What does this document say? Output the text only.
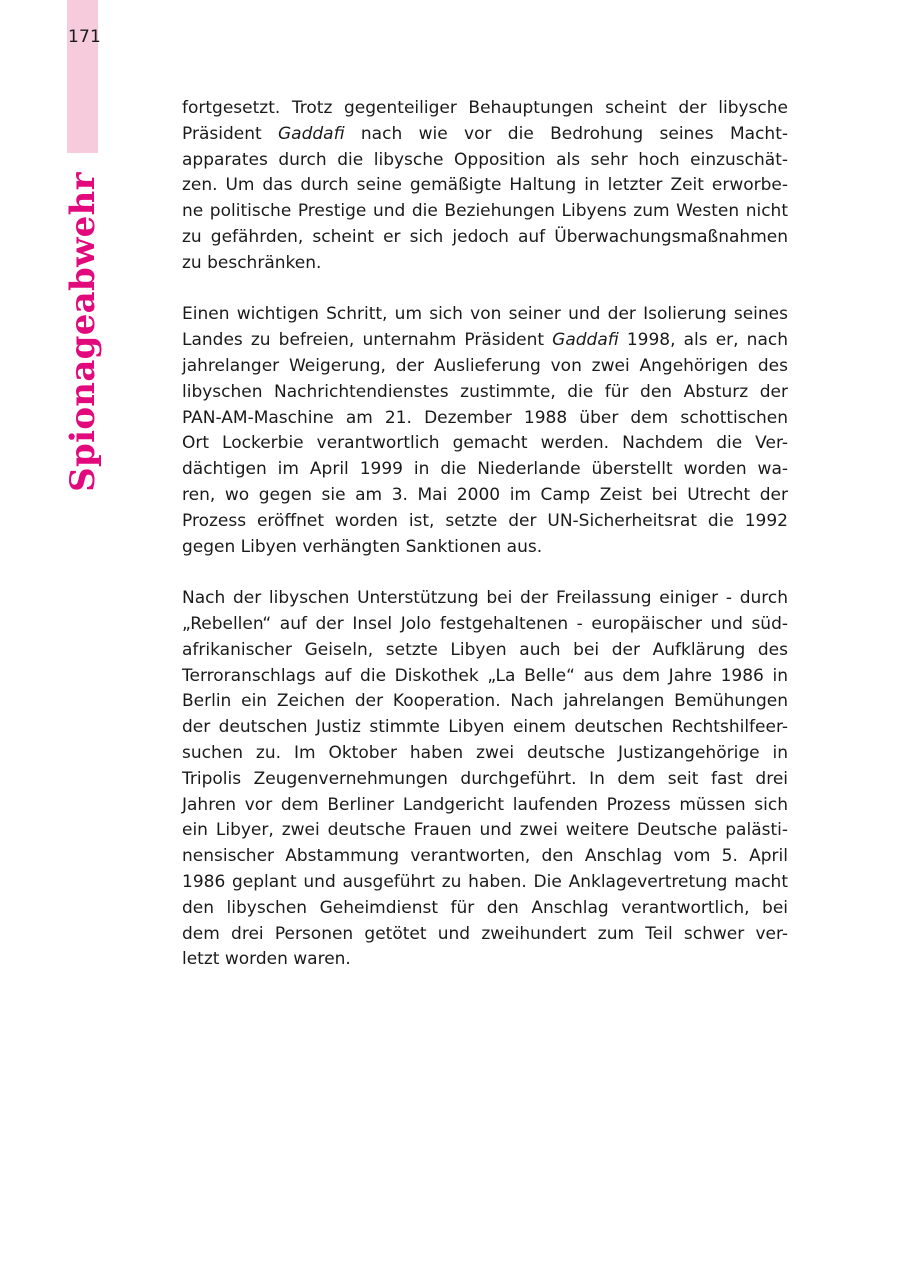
171
Spionageabwehr

fortgesetzt. Trotz gegenteiliger Behauptungen scheint der libysche

Präsident Gaddafi nach wie vor die Bedrohung seines Macht-

apparates durch die libysche Opposition als sehr hoch einzuschät-

zen. Um das durch seine gemäßigte Haltung in letzter Zeit erworbe-

ne politische Prestige und die Beziehungen Libyens zum Westen nicht

zu gefährden, scheint er sich jedoch auf Überwachungsmaßnahmen

zu beschränken.

Einen wichtigen Schritt, um sich von seiner und der Isolierung seines

Landes zu befreien, unternahm Präsident Gaddafi 1998, als er, nach

jahrelanger Weigerung, der Auslieferung von zwei Angehörigen des

libyschen Nachrichtendienstes zustimmte, die für den Absturz der

PAN-AM-Maschine am 21. Dezember 1988 über dem schottischen

Ort Lockerbie verantwortlich gemacht werden. Nachdem die Ver-

dächtigen im April 1999 in die Niederlande überstellt worden wa-

ren, wo gegen sie am 3. Mai 2000 im Camp Zeist bei Utrecht der

Prozess eröffnet worden ist, setzte der UN-Sicherheitsrat die 1992

gegen Libyen verhängten Sanktionen aus.

Nach der libyschen Unterstützung bei der Freilassung einiger - durch

„Rebellen“ auf der Insel Jolo festgehaltenen - europäischer und süd-

afrikanischer Geiseln, setzte Libyen auch bei der Aufklärung des

Terroranschlags auf die Diskothek „La Belle“ aus dem Jahre 1986 in

Berlin ein Zeichen der Kooperation. Nach jahrelangen Bemühungen

der deutschen Justiz stimmte Libyen einem deutschen Rechtshilfeer-

suchen zu. Im Oktober haben zwei deutsche Justizangehörige in

Tripolis Zeugenvernehmungen durchgeführt. In dem seit fast drei

Jahren vor dem Berliner Landgericht laufenden Prozess müssen sich

ein Libyer, zwei deutsche Frauen und zwei weitere Deutsche palästi-

nensischer Abstammung verantworten, den Anschlag vom 5. April

1986 geplant und ausgeführt zu haben. Die Anklagevertretung macht

den libyschen Geheimdienst für den Anschlag verantwortlich, bei

dem drei Personen getötet und zweihundert zum Teil schwer ver-

letzt worden waren.
